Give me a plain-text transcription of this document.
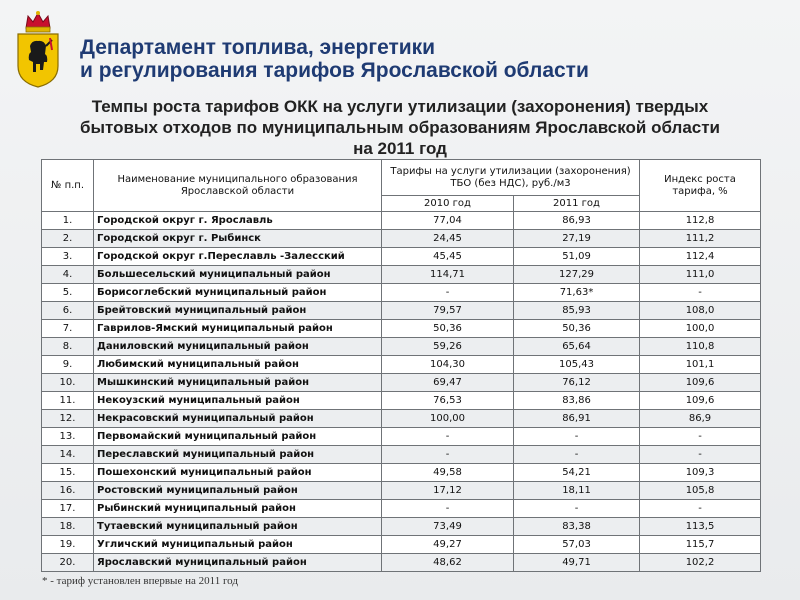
Департамент топлива, энергетики
и регулирования тарифов Ярославской области
Темпы роста тарифов ОКК на услуги утилизации (захоронения) твердых
бытовых отходов по муниципальным образованиям Ярославской области
на 2011 год
№ п.п.	Наименование муниципального образования Ярославской области	Тарифы на услуги утилизации (захоронения) ТБО (без НДС), руб./м3		Индекс роста тарифа, %
		2010 год	2011 год	
1.	Городской округ г. Ярославль	77,04	86,93	112,8
2.	Городской округ г. Рыбинск	24,45	27,19	111,2
3.	Городской округ г.Переславль -Залесский	45,45	51,09	112,4
4.	Большесельский муниципальный район	114,71	127,29	111,0
5.	Борисоглебский муниципальный район	-	71,63*	-
6.	Брейтовский муниципальный район	79,57	85,93	108,0
7.	Гаврилов-Ямский муниципальный район	50,36	50,36	100,0
8.	Даниловский муниципальный район	59,26	65,64	110,8
9.	Любимский муниципальный район	104,30	105,43	101,1
10.	Мышкинский муниципальный район	69,47	76,12	109,6
11.	Некоузский муниципальный район	76,53	83,86	109,6
12.	Некрасовский муниципальный район	100,00	86,91	86,9
13.	Первомайский муниципальный район	-	-	-
14.	Переславский муниципальный район	-	-	-
15.	Пошехонский муниципальный район	49,58	54,21	109,3
16.	Ростовский муниципальный район	17,12	18,11	105,8
17.	Рыбинский муниципальный район	-	-	-
18.	Тутаевский муниципальный район	73,49	83,38	113,5
19.	Угличский муниципальный район	49,27	57,03	115,7
20.	Ярославский муниципальный район	48,62	49,71	102,2
* - тариф установлен впервые на 2011 год
